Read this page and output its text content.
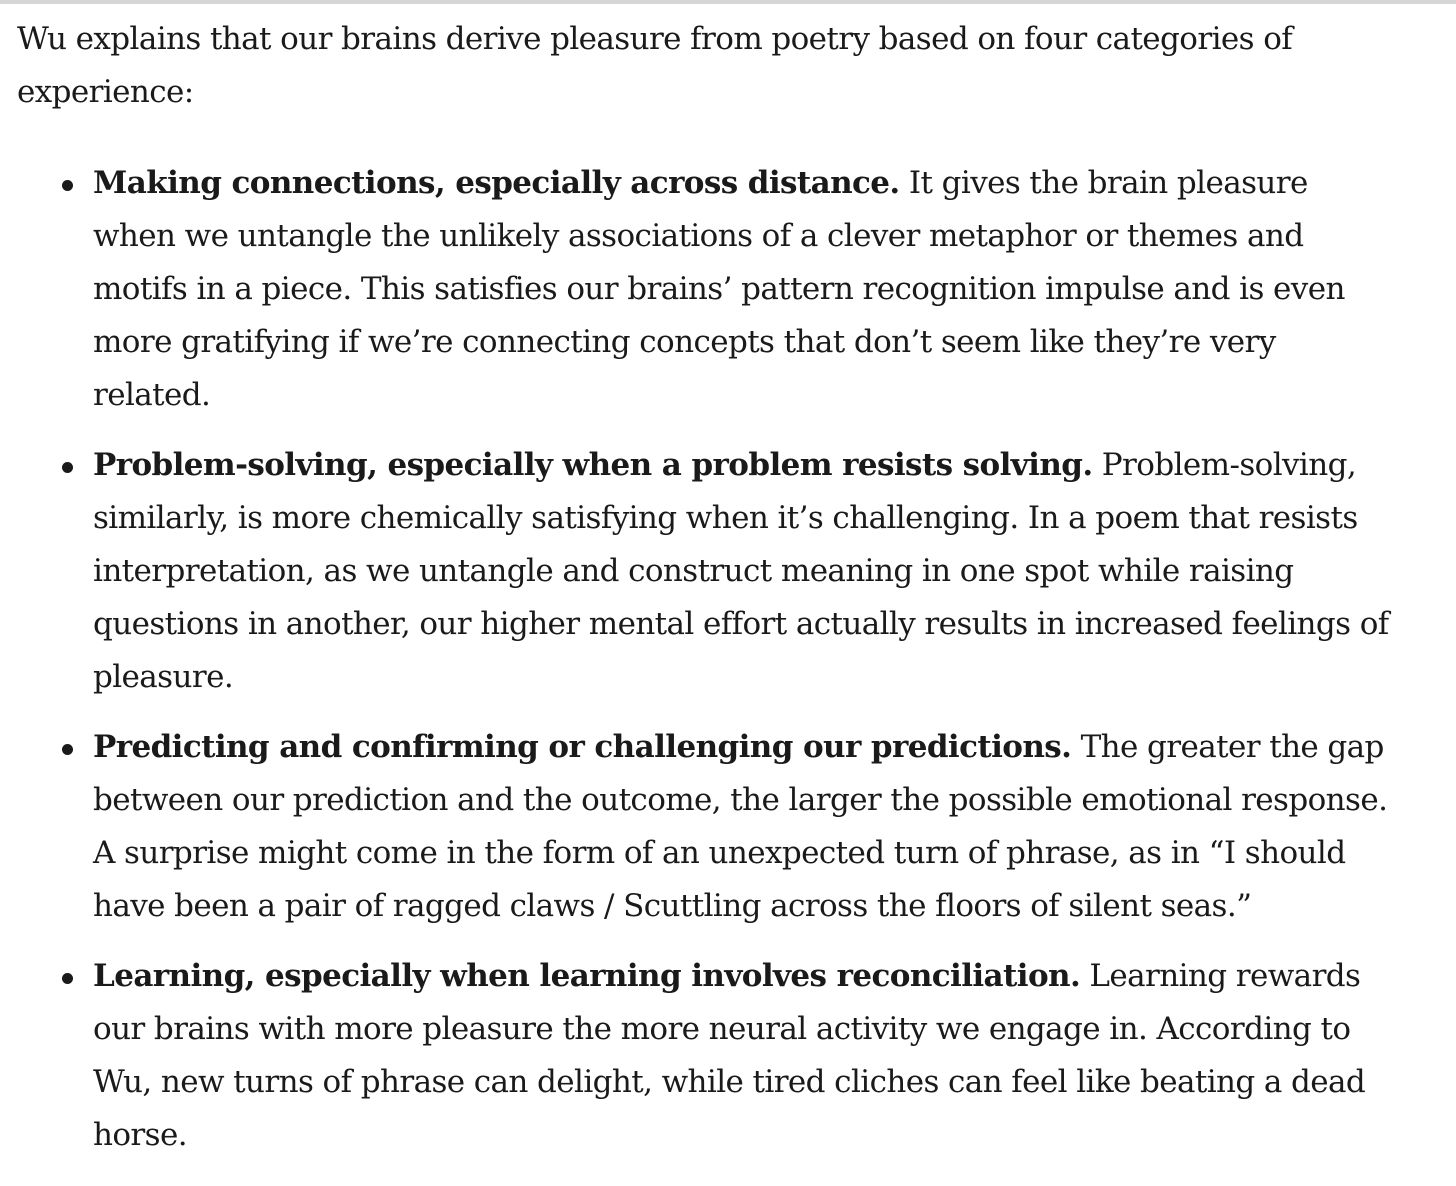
Wu explains that our brains derive pleasure from poetry based on four categories of experience:

Making connections, especially across distance. It gives the brain pleasure when we untangle the unlikely associations of a clever metaphor or themes and motifs in a piece. This satisfies our brains’ pattern recognition impulse and is even more gratifying if we’re connecting concepts that don’t seem like they’re very related.
Problem-solving, especially when a problem resists solving. Problem-solving, similarly, is more chemically satisfying when it’s challenging. In a poem that resists interpretation, as we untangle and construct meaning in one spot while raising questions in another, our higher mental effort actually results in increased feelings of pleasure.
Predicting and confirming or challenging our predictions. The greater the gap between our prediction and the outcome, the larger the possible emotional response. A surprise might come in the form of an unexpected turn of phrase, as in “I should have been a pair of ragged claws / Scuttling across the floors of silent seas.”
Learning, especially when learning involves reconciliation. Learning rewards our brains with more pleasure the more neural activity we engage in. According to Wu, new turns of phrase can delight, while tired cliches can feel like beating a dead horse.
